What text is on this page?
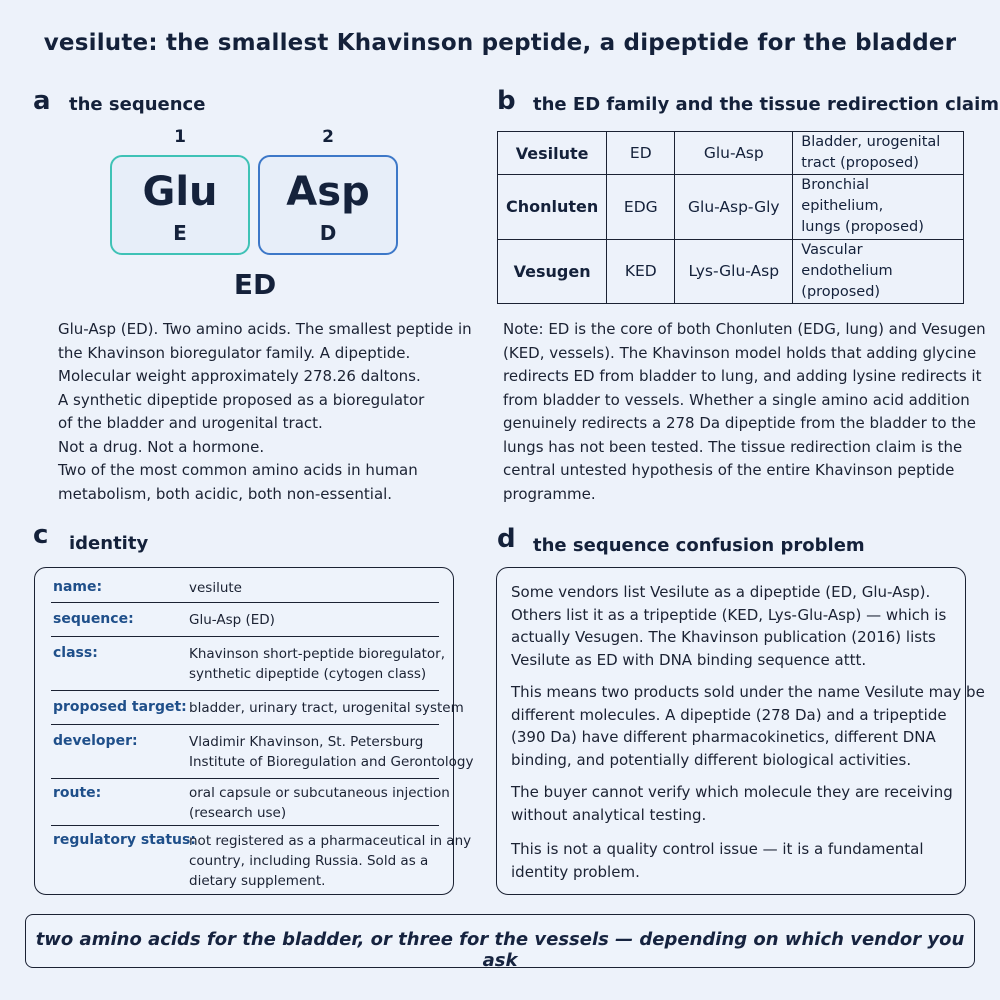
vesilute: the smallest Khavinson peptide, a dipeptide for the bladder
a the sequence
1	2
Glu
E
Asp
D
ED
Glu-Asp (ED). Two amino acids. The smallest peptide in
the Khavinson bioregulator family. A dipeptide.
Molecular weight approximately 278.26 daltons.
A synthetic dipeptide proposed as a bioregulator
of the bladder and urogenital tract.
Not a drug. Not a hormone.
Two of the most common amino acids in human
metabolism, both acidic, both non-essential.
b the ED family and the tissue redirection claim
Vesilute	ED	Glu-Asp	Bladder, urogenital
tract (proposed)

Chonluten	EDG	Glu-Asp-Gly	Bronchial epithelium,
lungs (proposed)

Vesugen	KED	Lys-Glu-Asp	Vascular endothelium
(proposed)
Note: ED is the core of both Chonluten (EDG, lung) and Vesugen
(KED, vessels). The Khavinson model holds that adding glycine
redirects ED from bladder to lung, and adding lysine redirects it
from bladder to vessels. Whether a single amino acid addition
genuinely redirects a 278 Da dipeptide from the bladder to the
lungs has not been tested. The tissue redirection claim is the
central untested hypothesis of the entire Khavinson peptide
programme.
c identity
name:	vesilute
sequence:	Glu-Asp (ED)
class:	Khavinson short-peptide bioregulator,
synthetic dipeptide (cytogen class)
proposed target: bladder, urinary tract, urogenital system
developer:	Vladimir Khavinson, St. Petersburg
Institute of Bioregulation and Gerontology
route:	oral capsule or subcutaneous injection
(research use)
regulatory status:
not registered as a pharmaceutical in any
country, including Russia. Sold as a
dietary supplement.
d the sequence confusion problem
Some vendors list Vesilute as a dipeptide (ED, Glu-Asp).
Others list it as a tripeptide (KED, Lys-Glu-Asp) — which is
actually Vesugen. The Khavinson publication (2016) lists
Vesilute as ED with DNA binding sequence attt.
This means two products sold under the name Vesilute may be
different molecules. A dipeptide (278 Da) and a tripeptide
(390 Da) have different pharmacokinetics, different DNA
binding, and potentially different biological activities.
The buyer cannot verify which molecule they are receiving
without analytical testing.
This is not a quality control issue — it is a fundamental
identity problem.
two amino acids for the bladder, or three for the vessels — depending on which vendor you ask
